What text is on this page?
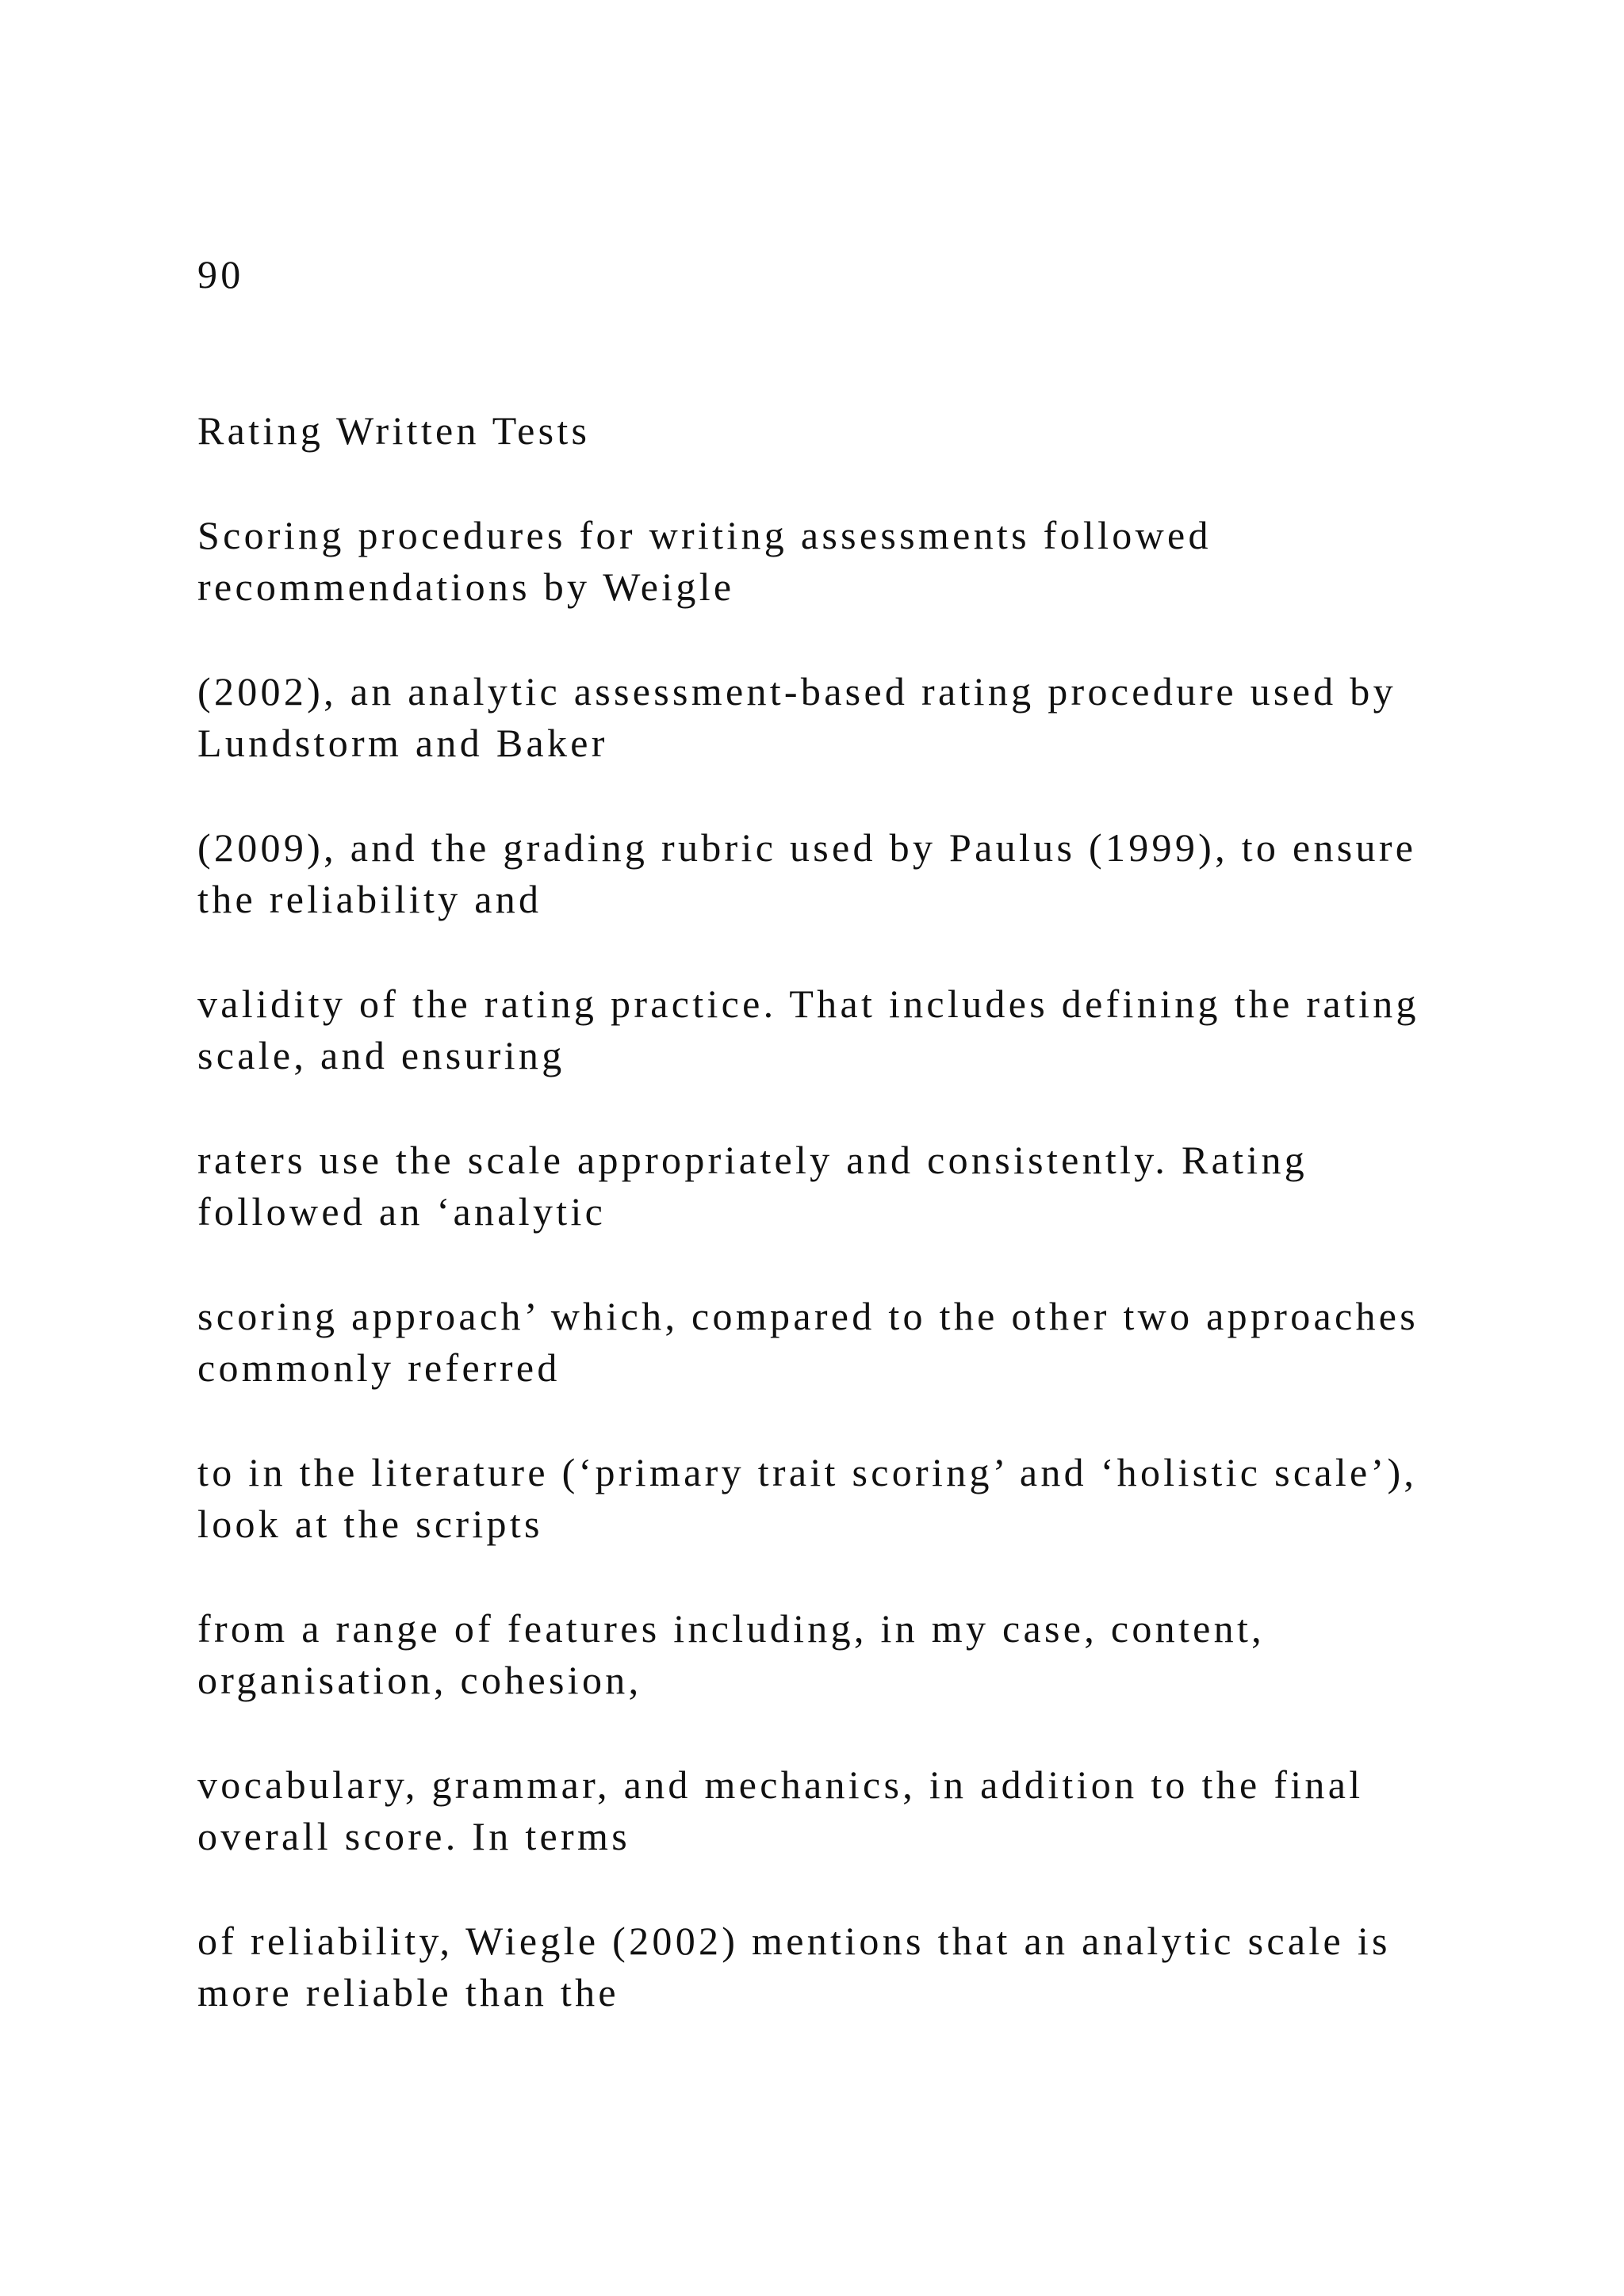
90
Rating Written Tests
Scoring procedures for writing assessments followed
recommendations by Weigle
(2002), an analytic assessment-based rating procedure used by
Lundstorm and Baker
(2009), and the grading rubric used by Paulus (1999), to ensure
the reliability and
validity of the rating practice. That includes defining the rating
scale, and ensuring
raters use the scale appropriately and consistently. Rating
followed an ‘analytic
scoring approach’ which, compared to the other two approaches
commonly referred
to in the literature (‘primary trait scoring’ and ‘holistic scale’),
look at the scripts
from a range of features including, in my case, content,
organisation, cohesion,
vocabulary, grammar, and mechanics, in addition to the final
overall score. In terms
of reliability, Wiegle (2002) mentions that an analytic scale is
more reliable than the
